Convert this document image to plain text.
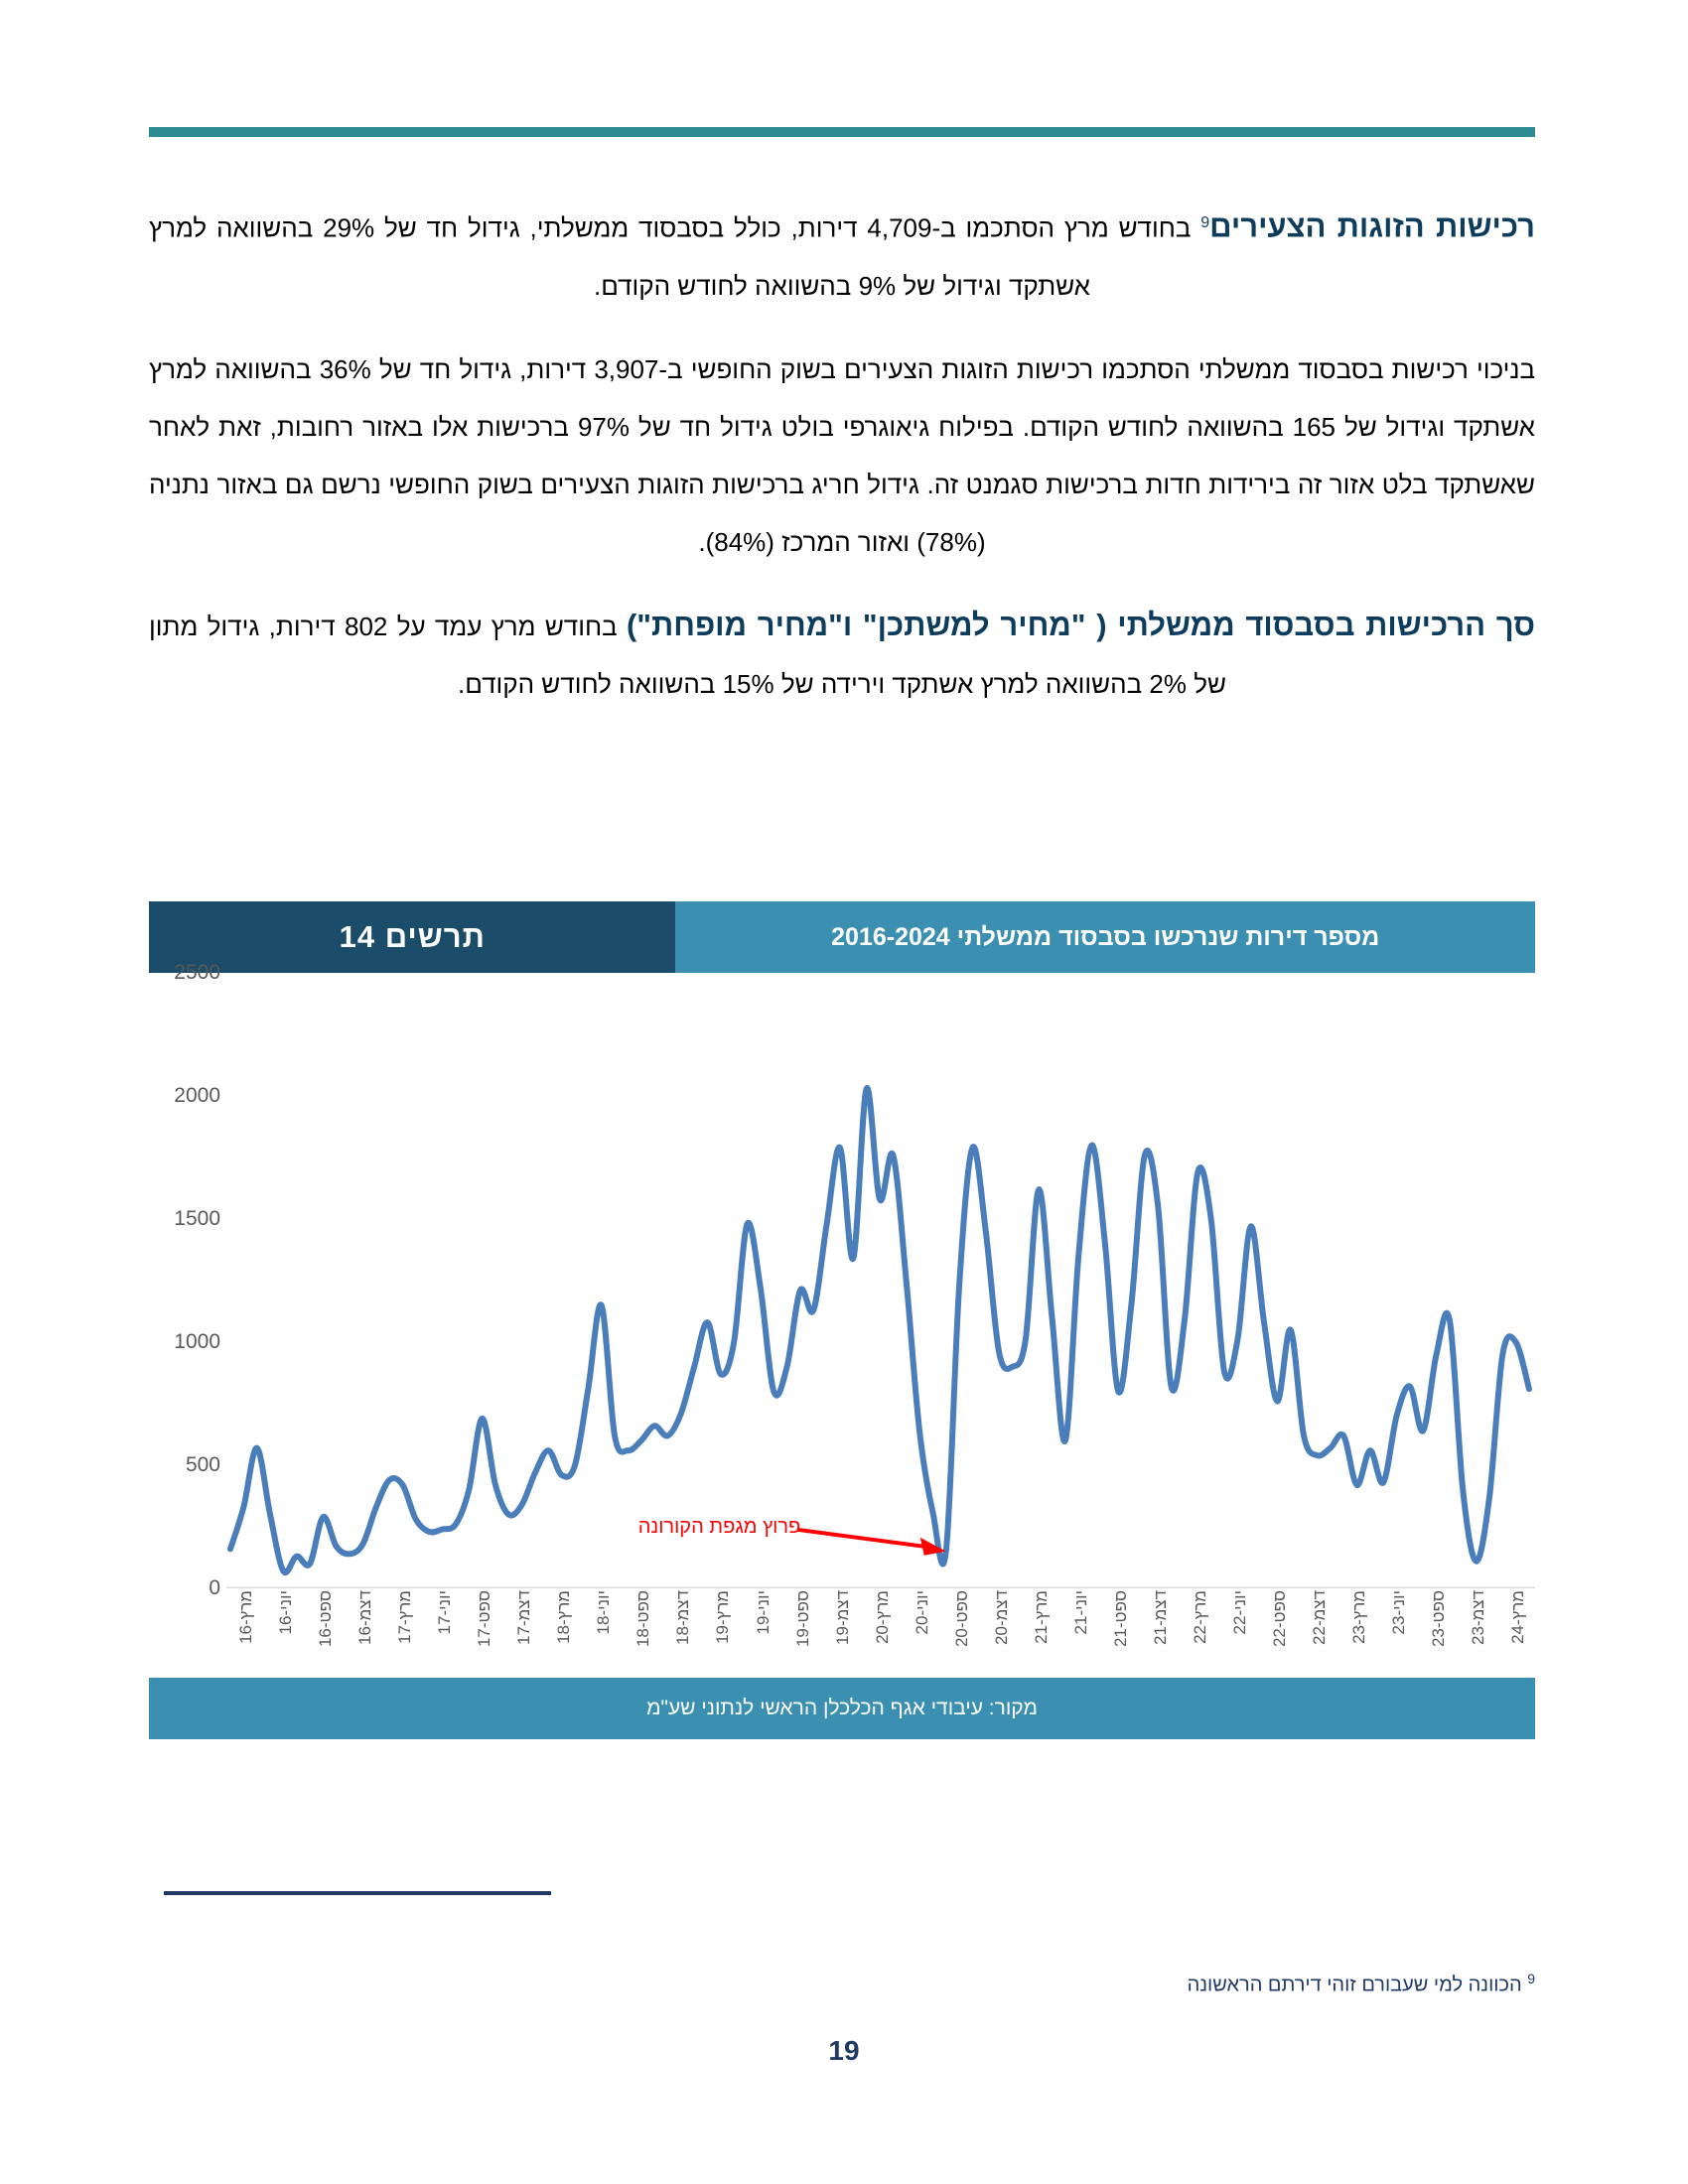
רכישות הזוגות הצעירים$^9$ בחודש מרץ הסתכמו ב-4,709 דירות, כולל בסבסוד ממשלתי, גידול חד של 29% בהשוואה למרץ אשתקד וגידול של 9% בהשוואה לחודש הקודם.

בניכוי רכישות בסבסוד ממשלתי הסתכמו רכישות הזוגות הצעירים בשוק החופשי ב-3,907 דירות, גידול חד של 36% בהשוואה למרץ אשתקד וגידול של 165 בהשוואה לחודש הקודם. בפילוח גיאוגרפי בולט גידול חד של 97% ברכישות אלו באזור רחובות, זאת לאחר שאשתקד בלט אזור זה בירידות חדות ברכישות סגמנט זה. גידול חריג ברכישות הזוגות הצעירים בשוק החופשי נרשם גם באזור נתניה (78%) ואזור המרכז (84%).

סך הרכישות בסבסוד ממשלתי ( "מחיר למשתכן" ו"מחיר מופחת") בחודש מרץ עמד על 802 דירות, גידול מתון של 2% בהשוואה למרץ אשתקד וירידה של 15% בהשוואה לחודש הקודם.

תרשים 14	מספר דירות שנרכשו בסבסוד ממשלתי 2016-2024
0
500
1000
1500
2000
2500
מרץ-16 יוני-16
ספט-16
דצמ-16
מרץ-17 יוני-17
ספט-17
דצמ-17
מרץ-18 יוני-18
ספט-18
דצמ-18
מרץ-19 יוני-19
ספט-19
דצמ-19
מרץ-20 יוני-20
ספט-20
דצמ-20
מרץ-21 יוני-21
ספט-21
דצמ-21
מרץ-22 יוני-22
ספט-22
דצמ-22
מרץ-23 יוני-23
ספט-23
דצמ-23
מרץ-24
פרוץ מגפת הקורונה
מקור: עיבודי אגף הכלכלן הראשי לנתוני שע"מ
$^9$ הכוונה למי שעבורם זוהי דירתם הראשונה
19
